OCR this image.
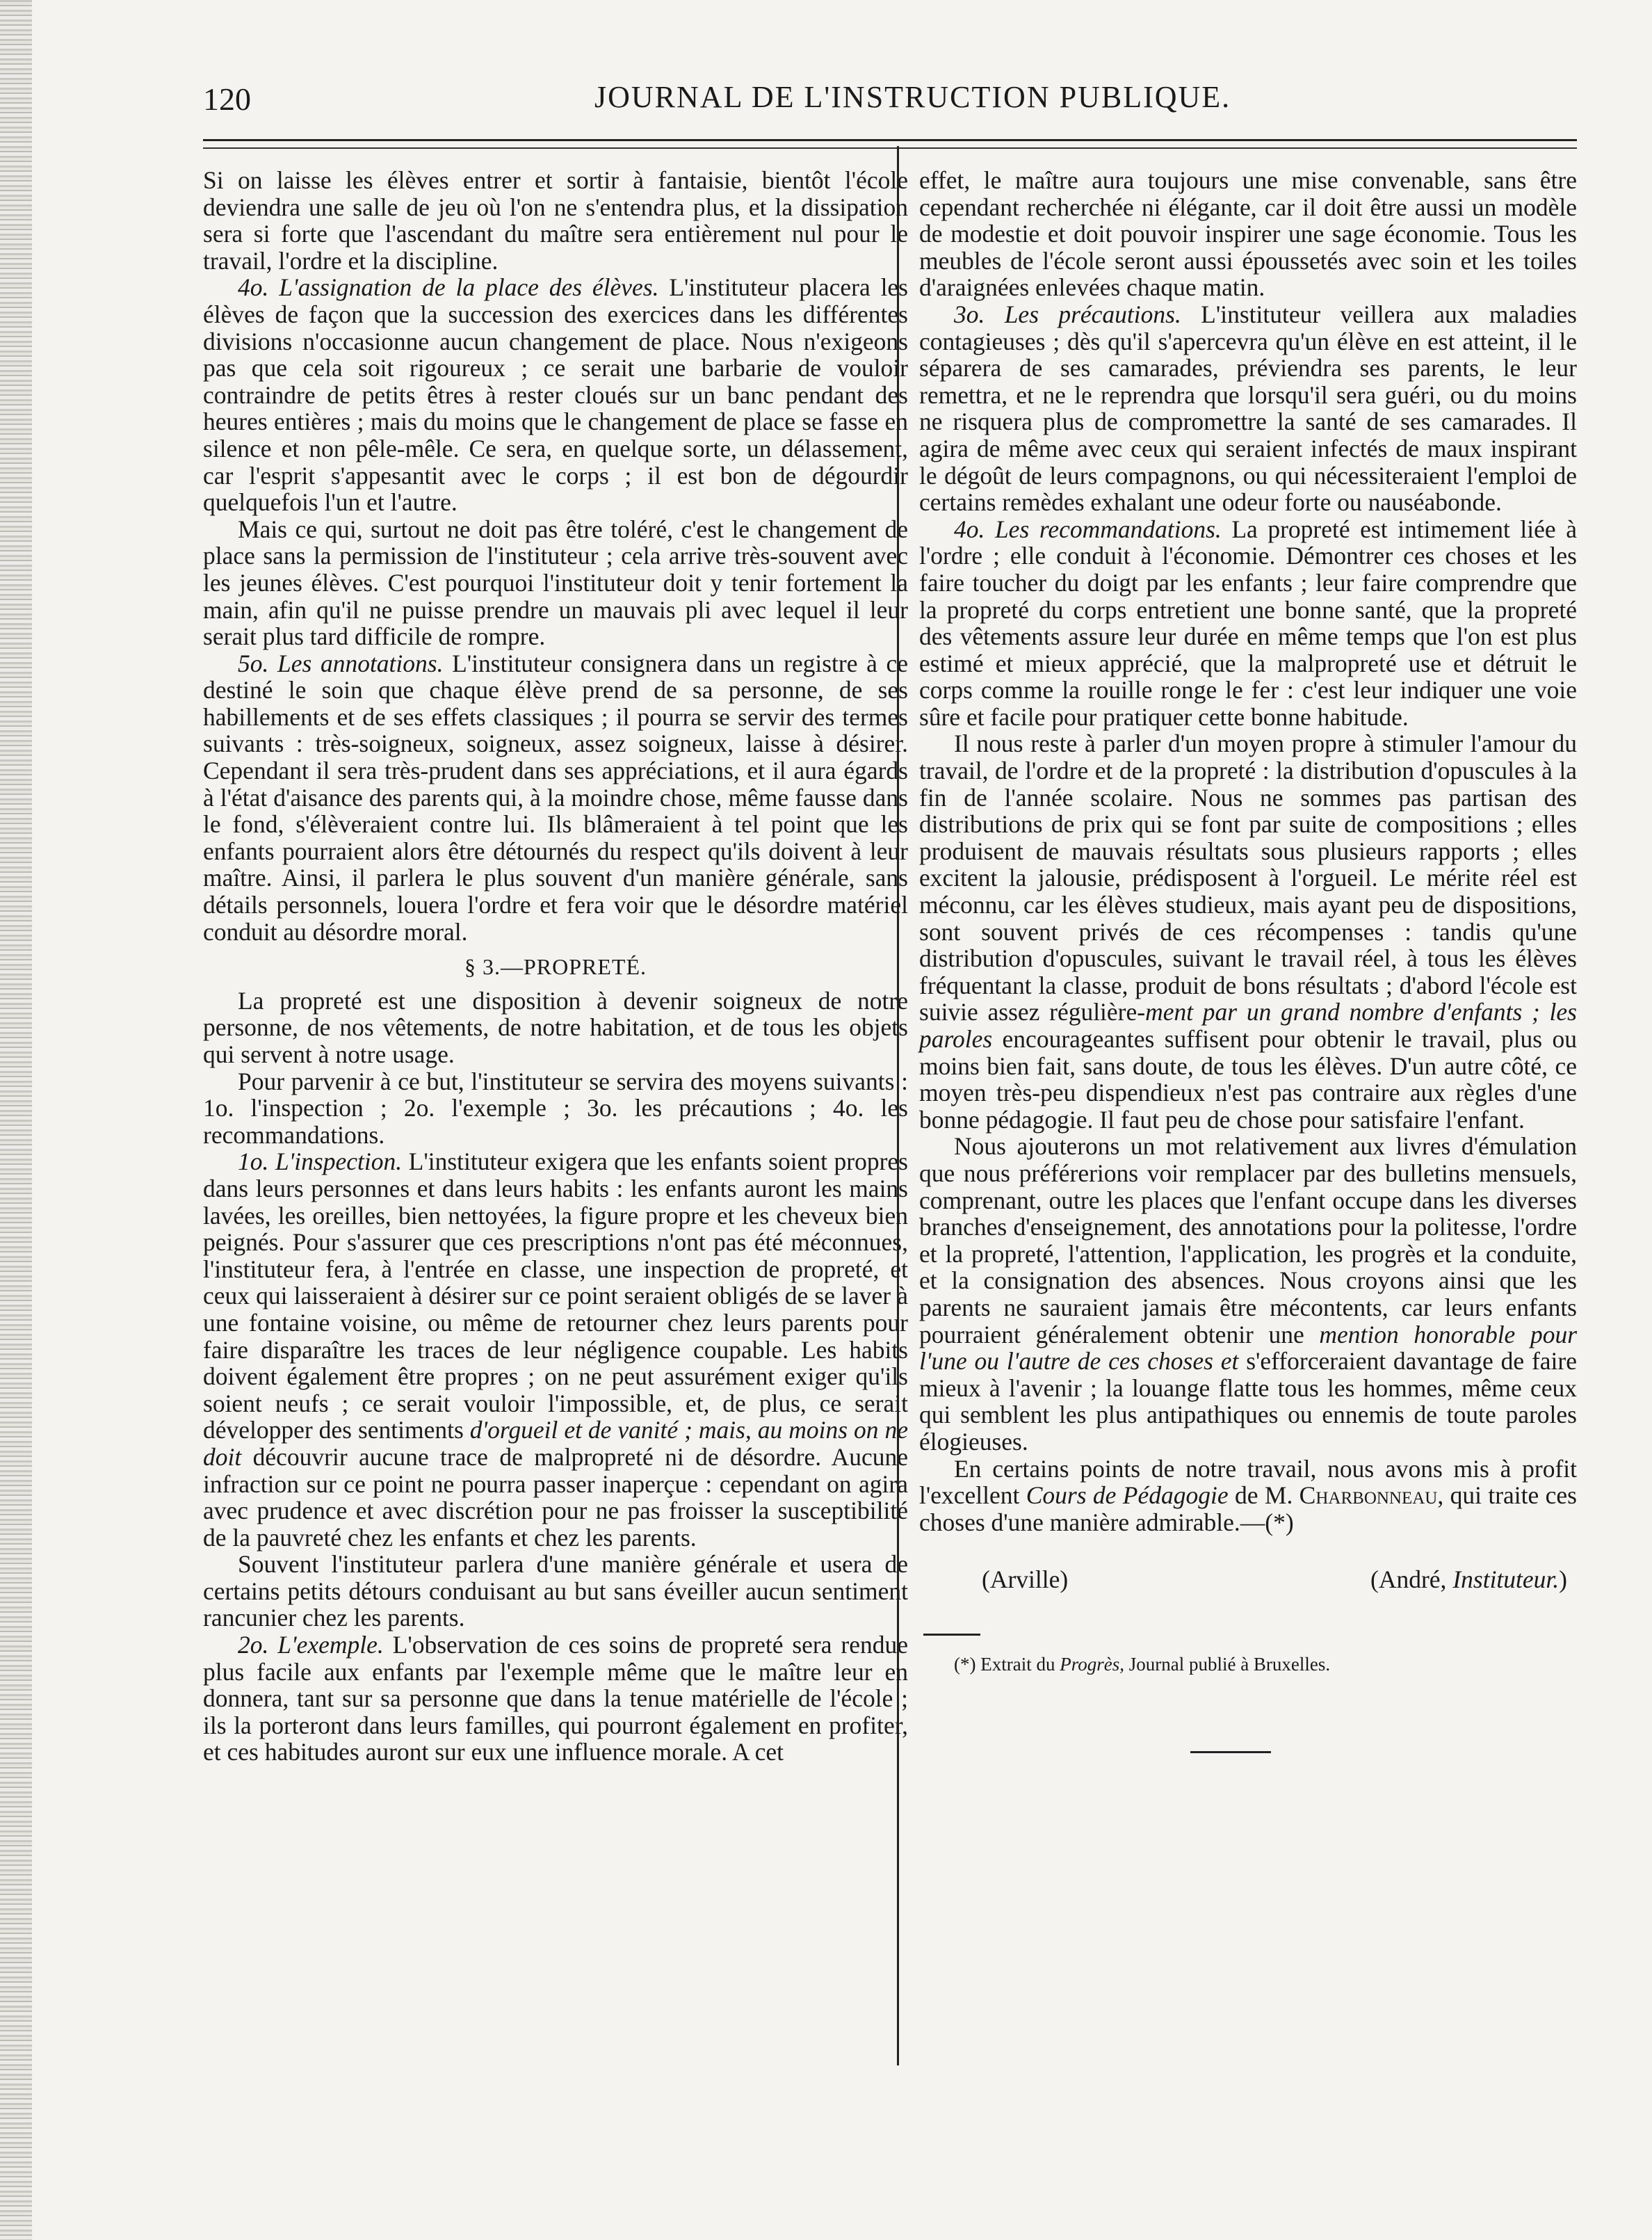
120	JOURNAL DE L'INSTRUCTION PUBLIQUE.

Si on laisse les élèves entrer et sortir à fantaisie, bientôt l'école deviendra une salle de jeu où l'on ne s'entendra plus, et la dissipation sera si forte que l'ascendant du maître sera entièrement nul pour le travail, l'ordre et la discipline.

4o. L'assignation de la place des élèves. L'instituteur placera les élèves de façon que la succession des exercices dans les différentes divisions n'occasionne aucun changement de place. Nous n'exigeons pas que cela soit rigoureux ; ce serait une barbarie de vouloir contraindre de petits êtres à rester cloués sur un banc pendant des heures entières ; mais du moins que le changement de place se fasse en silence et non pêle-mêle. Ce sera, en quelque sorte, un délassement, car l'esprit s'appesantit avec le corps ; il est bon de dégourdir quelquefois l'un et l'autre.

Mais ce qui, surtout ne doit pas être toléré, c'est le changement de place sans la permission de l'instituteur ; cela arrive très-souvent avec les jeunes élèves. C'est pourquoi l'instituteur doit y tenir fortement la main, afin qu'il ne puisse prendre un mauvais pli avec lequel il leur serait plus tard difficile de rompre.

5o. Les annotations. L'instituteur consignera dans un registre à ce destiné le soin que chaque élève prend de sa personne, de ses habillements et de ses effets classiques ; il pourra se servir des termes suivants : très-soigneux, soigneux, assez soigneux, laisse à désirer. Cependant il sera très-prudent dans ses appréciations, et il aura égards à l'état d'aisance des parents qui, à la moindre chose, même fausse dans le fond, s'élèveraient contre lui. Ils blâmeraient à tel point que les enfants pourraient alors être détournés du respect qu'ils doivent à leur maître. Ainsi, il parlera le plus souvent d'un manière générale, sans détails personnels, louera l'ordre et fera voir que le désordre matériel conduit au désordre moral.

§ 3.—PROPRETÉ.

La propreté est une disposition à devenir soigneux de notre personne, de nos vêtements, de notre habitation, et de tous les objets qui servent à notre usage.

Pour parvenir à ce but, l'instituteur se servira des moyens suivants : 1o. l'inspection ; 2o. l'exemple ; 3o. les précautions ; 4o. les recommandations.

1o. L'inspection. L'instituteur exigera que les enfants soient propres dans leurs personnes et dans leurs habits : les enfants auront les mains lavées, les oreilles, bien nettoyées, la figure propre et les cheveux bien peignés. Pour s'assurer que ces prescriptions n'ont pas été méconnues, l'instituteur fera, à l'entrée en classe, une inspection de propreté, et ceux qui laisseraient à désirer sur ce point seraient obligés de se laver à une fontaine voisine, ou même de retourner chez leurs parents pour faire disparaître les traces de leur négligence coupable. Les habits doivent également être propres ; on ne peut assurément exiger qu'ils soient neufs ; ce serait vouloir l'impossible, et, de plus, ce serait développer des sentiments d'orgueil et de vanité ; mais, au moins on ne doit découvrir aucune trace de malpropreté ni de désordre. Aucune infraction sur ce point ne pourra passer inaperçue : cependant on agira avec prudence et avec discrétion pour ne pas froisser la susceptibilité de la pauvreté chez les enfants et chez les parents.

Souvent l'instituteur parlera d'une manière générale et usera de certains petits détours conduisant au but sans éveiller aucun sentiment rancunier chez les parents.

2o. L'exemple. L'observation de ces soins de propreté sera rendue plus facile aux enfants par l'exemple même que le maître leur en donnera, tant sur sa personne que dans la tenue matérielle de l'école ; ils la porteront dans leurs familles, qui pourront également en profiter, et ces habitudes auront sur eux une influence morale. A cet

effet, le maître aura toujours une mise convenable, sans être cependant recherchée ni élégante, car il doit être aussi un modèle de modestie et doit pouvoir inspirer une sage économie. Tous les meubles de l'école seront aussi époussetés avec soin et les toiles d'araignées enlevées chaque matin.

3o. Les précautions. L'instituteur veillera aux maladies contagieuses ; dès qu'il s'apercevra qu'un élève en est atteint, il le séparera de ses camarades, préviendra ses parents, le leur remettra, et ne le reprendra que lorsqu'il sera guéri, ou du moins ne risquera plus de compromettre la santé de ses camarades. Il agira de même avec ceux qui seraient infectés de maux inspirant le dégoût de leurs compagnons, ou qui nécessiteraient l'emploi de certains remèdes exhalant une odeur forte ou nauséabonde.

4o. Les recommandations. La propreté est intimement liée à l'ordre ; elle conduit à l'économie. Démontrer ces choses et les faire toucher du doigt par les enfants ; leur faire comprendre que la propreté du corps entretient une bonne santé, que la propreté des vêtements assure leur durée en même temps que l'on est plus estimé et mieux apprécié, que la malpropreté use et détruit le corps comme la rouille ronge le fer : c'est leur indiquer une voie sûre et facile pour pratiquer cette bonne habitude.

Il nous reste à parler d'un moyen propre à stimuler l'amour du travail, de l'ordre et de la propreté : la distribution d'opuscules à la fin de l'année scolaire. Nous ne sommes pas partisan des distributions de prix qui se font par suite de compositions ; elles produisent de mauvais résultats sous plusieurs rapports ; elles excitent la jalousie, prédisposent à l'orgueil. Le mérite réel est méconnu, car les élèves studieux, mais ayant peu de dispositions, sont souvent privés de ces récompenses : tandis qu'une distribution d'opuscules, suivant le travail réel, à tous les élèves fréquentant la classe, produit de bons résultats ; d'abord l'école est suivie assez régulière-ment par un grand nombre d'enfants ; les paroles encourageantes suffisent pour obtenir le travail, plus ou moins bien fait, sans doute, de tous les élèves. D'un autre côté, ce moyen très-peu dispendieux n'est pas contraire aux règles d'une bonne pédagogie. Il faut peu de chose pour satisfaire l'enfant.

Nous ajouterons un mot relativement aux livres d'émulation que nous préférerions voir remplacer par des bulletins mensuels, comprenant, outre les places que l'enfant occupe dans les diverses branches d'enseignement, des annotations pour la politesse, l'ordre et la propreté, l'attention, l'application, les progrès et la conduite, et la consignation des absences. Nous croyons ainsi que les parents ne sauraient jamais être mécontents, car leurs enfants pourraient généralement obtenir une mention honorable pour l'une ou l'autre de ces choses et s'efforceraient davantage de faire mieux à l'avenir ; la louange flatte tous les hommes, même ceux qui semblent les plus antipathiques ou ennemis de toute paroles élogieuses.

En certains points de notre travail, nous avons mis à profit l'excellent Cours de Pédagogie de M. Charbonneau, qui traite ces choses d'une manière admirable.—(*)

(Arville)	(André, Instituteur.)

(*) Extrait du Progrès, Journal publié à Bruxelles.
